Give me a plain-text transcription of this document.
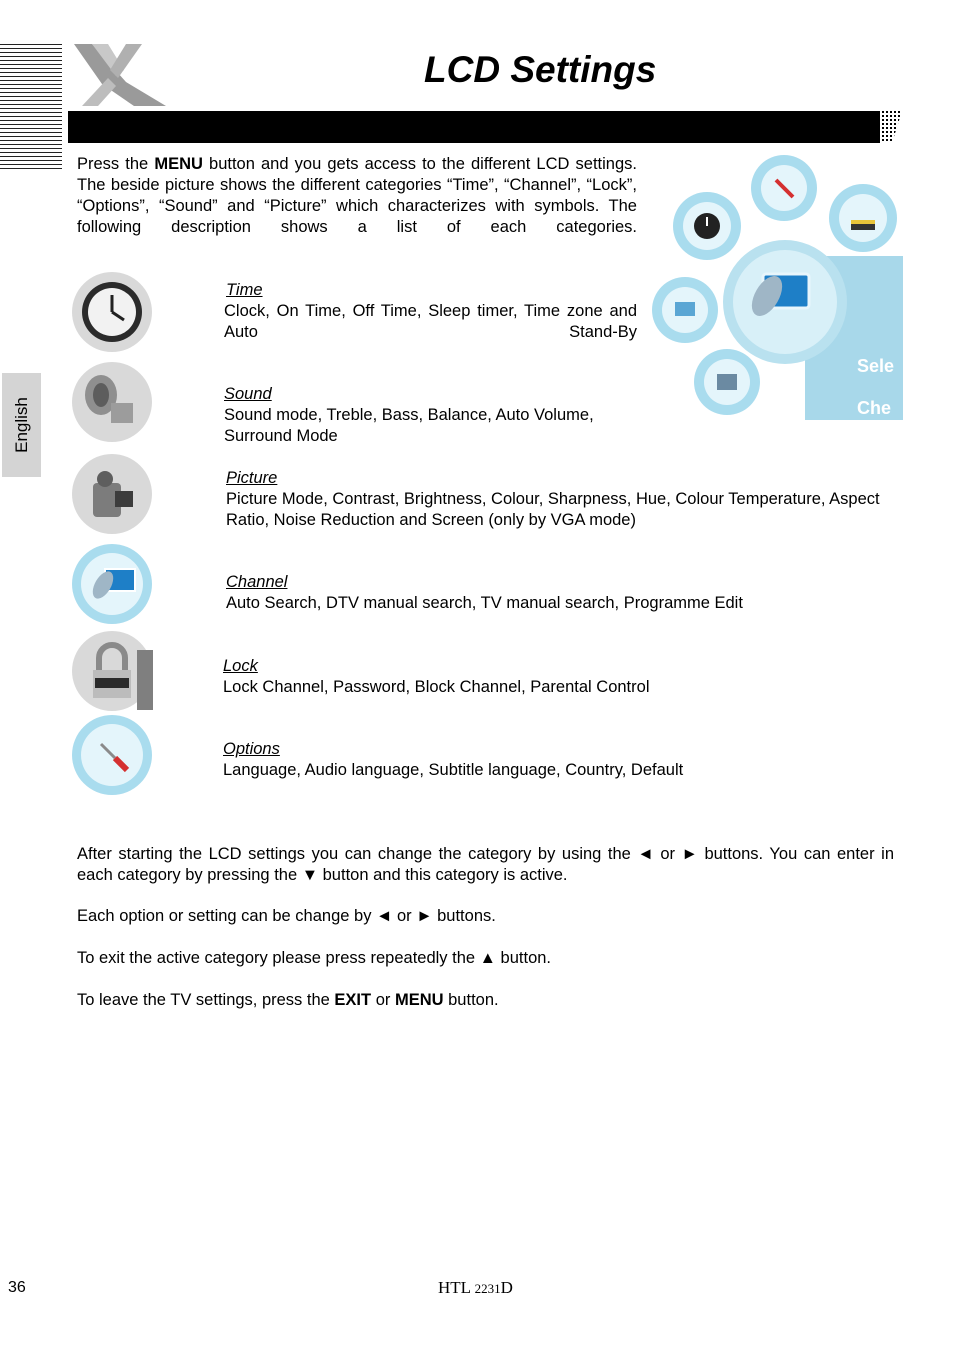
LCD Settings
English

Press the MENU button and you gets access to the different LCD settings. The beside picture shows the different categories “Time”, “Channel”, “Lock”, “Options”, “Sound” and “Picture” which characterizes with symbols. The following description shows a list of each categories.

Sele
Che
Time
Clock, On Time, Off Time, Sleep timer, Time zone and Auto Stand-By
Sound
Sound mode, Treble, Bass, Balance, Auto Volume, Surround Mode
Picture
Picture Mode, Contrast, Brightness, Colour, Sharpness, Hue, Colour Temperature, Aspect Ratio, Noise Reduction and Screen (only by VGA mode)
Channel
Auto Search, DTV manual search, TV manual search, Programme Edit
Lock
Lock Channel, Password, Block Channel, Parental Control
Options
Language, Audio language, Subtitle language, Country, Default

After starting the LCD settings you can change the category by using the ◄ or ► buttons. You can enter in each category by pressing the ▼ button and this category is active.

Each option or setting can be change by ◄ or ► buttons.

To exit the active category please press repeatedly the ▲ button.

To leave the TV settings, press the EXIT or MENU button.

36	HTL 2231D
